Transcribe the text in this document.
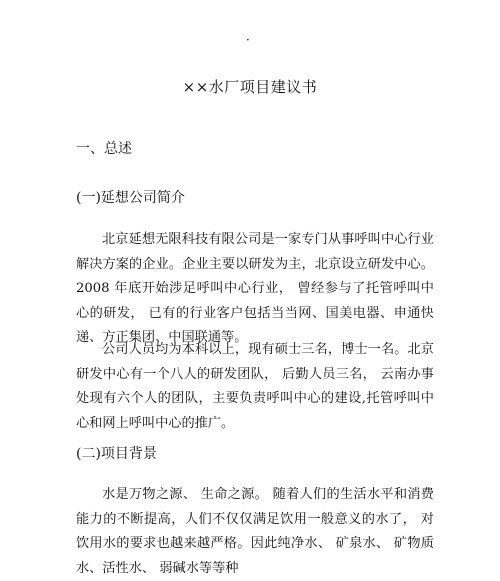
·
××水厂项目建议书
一、总述
(一)延想公司简介

北京延想无限科技有限公司是一家专门从事呼叫中心行业解决方案的企业。企业主要以研发为主，北京设立研发中心。 2008 年底开始涉足呼叫中心行业， 曾经参与了托管呼叫中心的研发， 已有的行业客户包括当当网、国美电器、申通快递、方正集团、中国联通等。

公司人员均为本科以上，现有硕士三名，博士一名。北京研发中心有一个八人的研发团队， 后勤人员三名， 云南办事处现有六个人的团队，主要负责呼叫中心的建设,托管呼叫中心和网上呼叫中心的推广。

(二)项目背景

水是万物之源、 生命之源。 随着人们的生活水平和消费能力的不断提高，人们不仅仅满足饮用一般意义的水了， 对饮用水的要求也越来越严格。因此纯净水、 矿泉水、 矿物质水、活性水、 弱碱水等等种
